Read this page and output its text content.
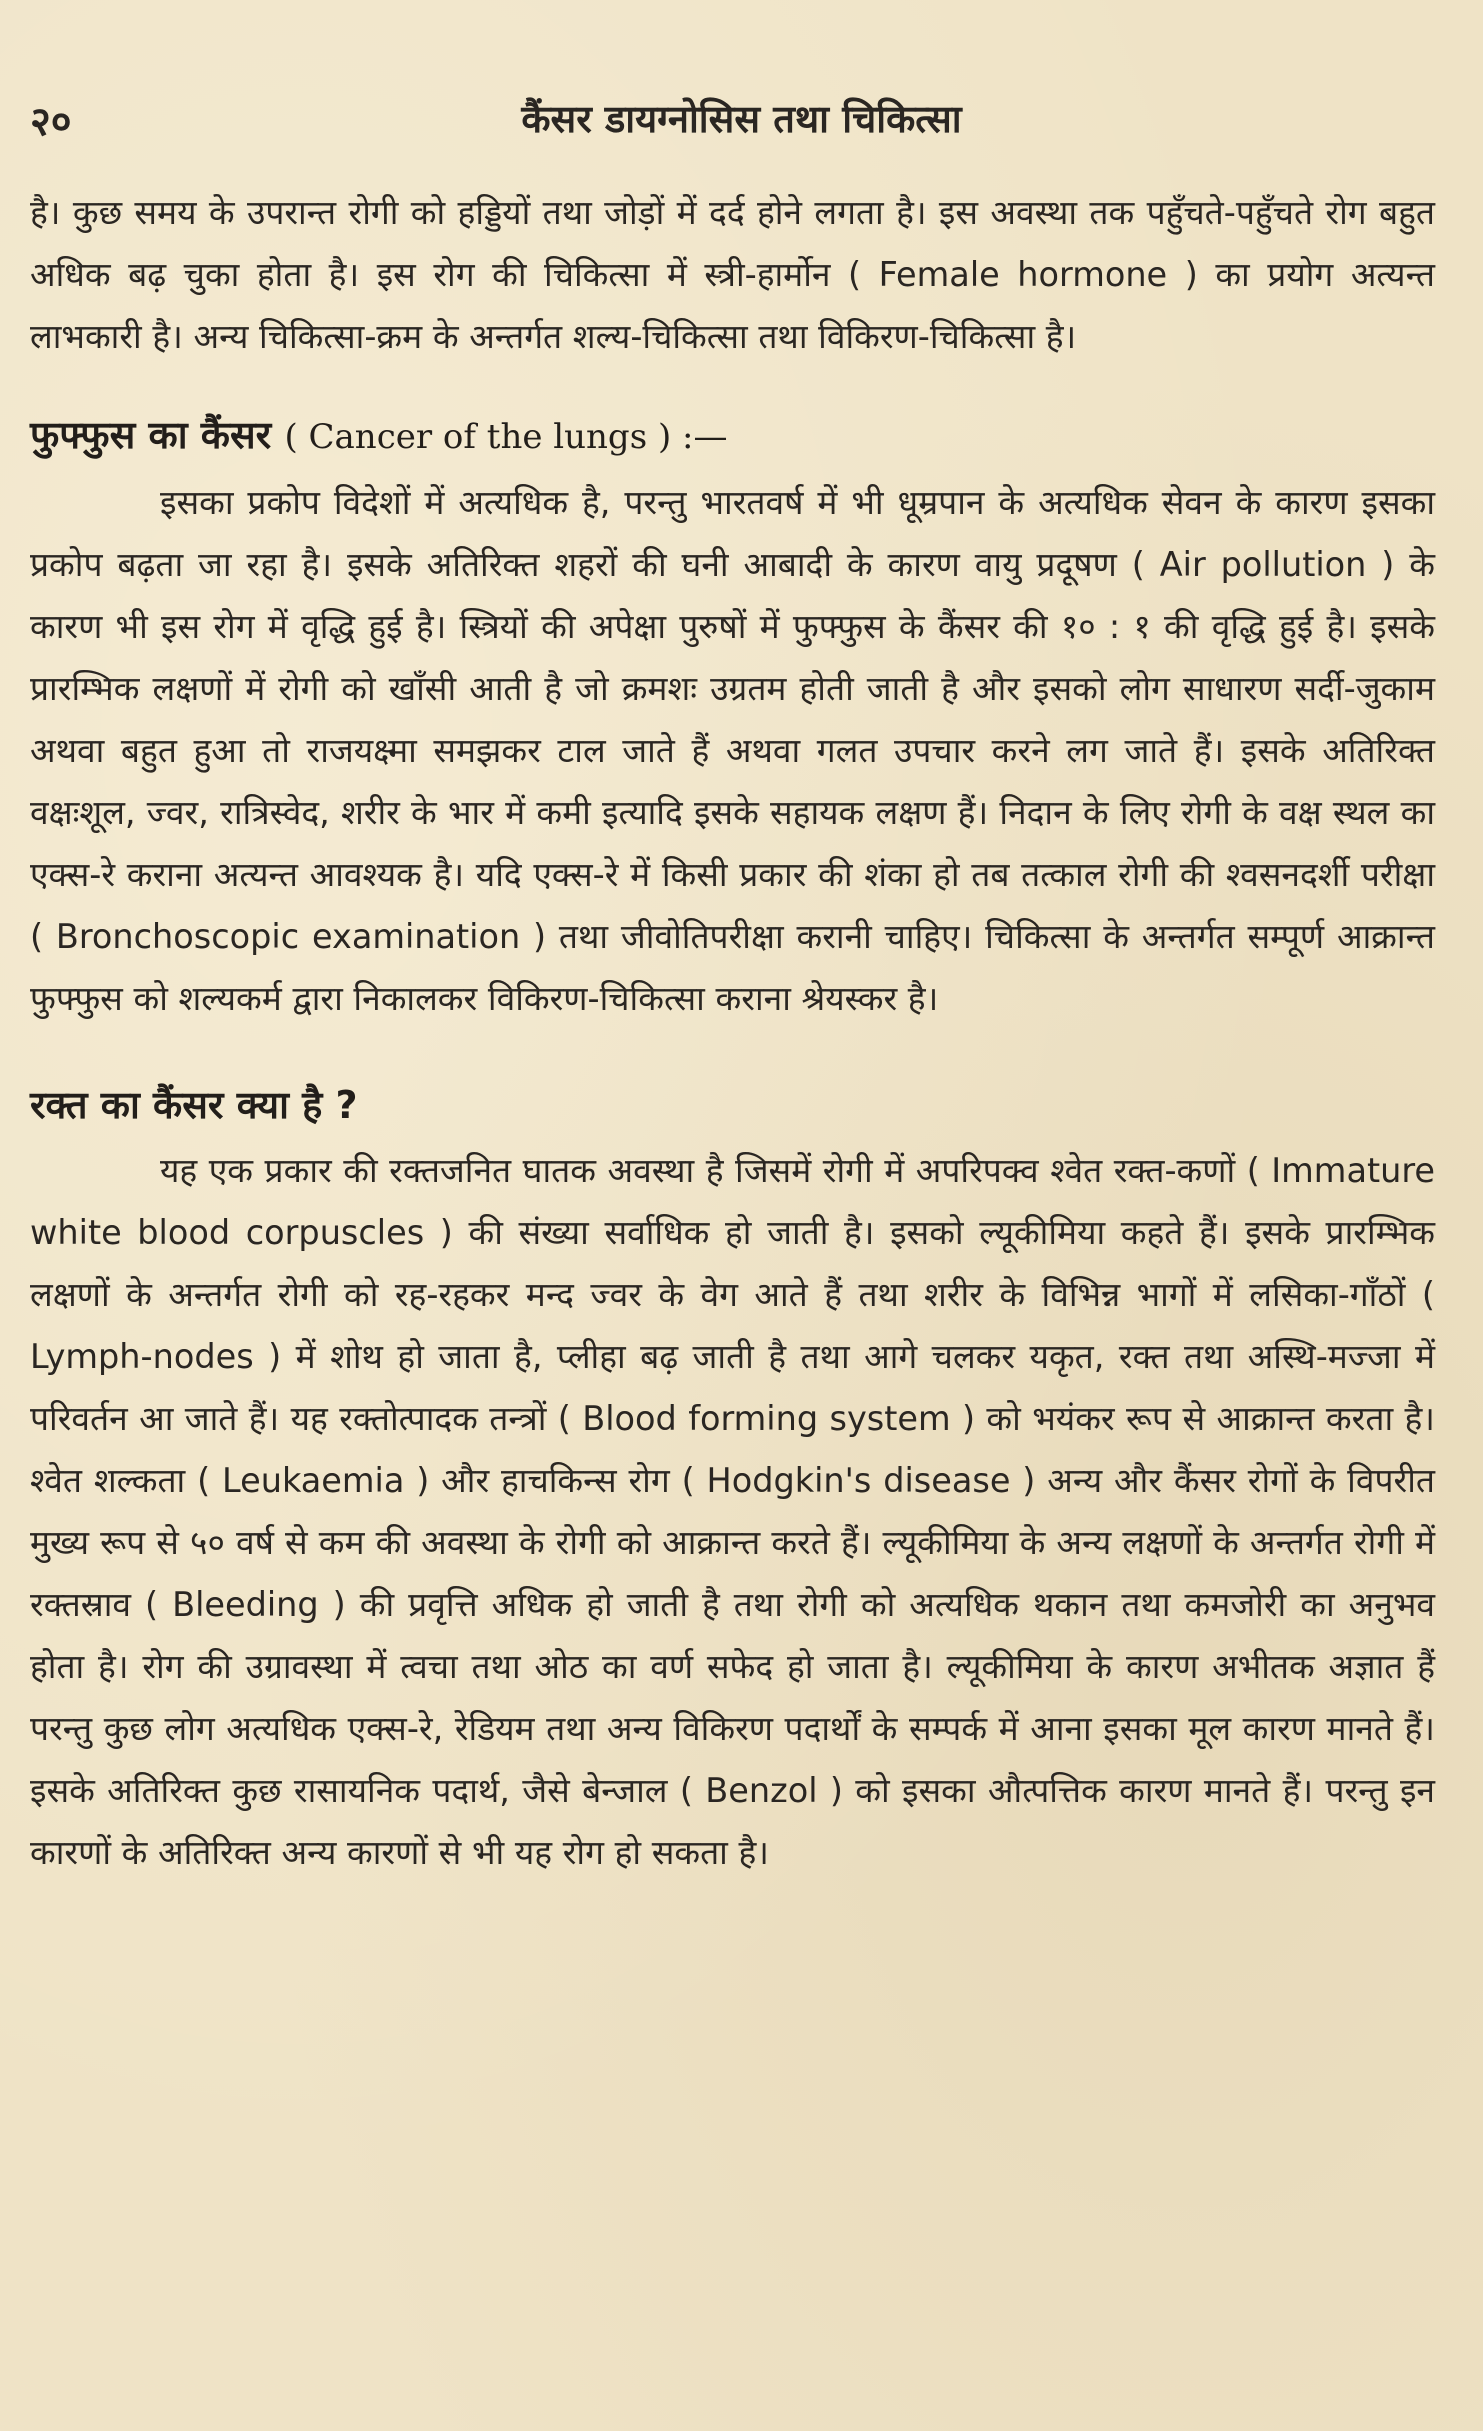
२०	कैंसर डायग्नोसिस तथा चिकित्सा

है। कुछ समय के उपरान्त रोगी को हड्डियों तथा जोड़ों में दर्द होने लगता है। इस अवस्था तक पहुँचते-पहुँचते रोग बहुत अधिक बढ़ चुका होता है। इस रोग की चिकित्सा में स्त्री-हार्मोन ( Female hormone ) का प्रयोग अत्यन्त लाभकारी है। अन्य चिकित्सा-क्रम के अन्तर्गत शल्य-चिकित्सा तथा विकिरण-चिकित्सा है।

फुफ्फुस का कैंसर ( Cancer of the lungs ) :—

इसका प्रकोप विदेशों में अत्यधिक है, परन्तु भारतवर्ष में भी धूम्रपान के अत्यधिक सेवन के कारण इसका प्रकोप बढ़ता जा रहा है। इसके अतिरिक्त शहरों की घनी आबादी के कारण वायु प्रदूषण ( Air pollution ) के कारण भी इस रोग में वृद्धि हुई है। स्त्रियों की अपेक्षा पुरुषों में फुफ्फुस के कैंसर की १० : १ की वृद्धि हुई है। इसके प्रारम्भिक लक्षणों में रोगी को खाँसी आती है जो क्रमशः उग्रतम होती जाती है और इसको लोग साधारण सर्दी-जुकाम अथवा बहुत हुआ तो राजयक्ष्मा समझकर टाल जाते हैं अथवा गलत उपचार करने लग जाते हैं। इसके अतिरिक्त वक्षःशूल, ज्वर, रात्रिस्वेद, शरीर के भार में कमी इत्यादि इसके सहायक लक्षण हैं। निदान के लिए रोगी के वक्ष स्थल का एक्स-रे कराना अत्यन्त आवश्यक है। यदि एक्स-रे में किसी प्रकार की शंका हो तब तत्काल रोगी की श्वसनदर्शी परीक्षा ( Bronchoscopic examination ) तथा जीवोतिपरीक्षा करानी चाहिए। चिकित्सा के अन्तर्गत सम्पूर्ण आक्रान्त फुफ्फुस को शल्यकर्म द्वारा निकालकर विकिरण-चिकित्सा कराना श्रेयस्कर है।

रक्त का कैंसर क्या है ?

यह एक प्रकार की रक्तजनित घातक अवस्था है जिसमें रोगी में अपरिपक्व श्वेत रक्त-कणों ( Immature white blood corpuscles ) की संख्या सर्वाधिक हो जाती है। इसको ल्यूकीमिया कहते हैं। इसके प्रारम्भिक लक्षणों के अन्तर्गत रोगी को रह-रहकर मन्द ज्वर के वेग आते हैं तथा शरीर के विभिन्न भागों में लसिका-गाँठों ( Lymph-nodes ) में शोथ हो जाता है, प्लीहा बढ़ जाती है तथा आगे चलकर यकृत, रक्त तथा अस्थि-मज्जा में परिवर्तन आ जाते हैं। यह रक्तोत्पादक तन्त्रों ( Blood forming system ) को भयंकर रूप से आक्रान्त करता है। श्वेत शल्कता ( Leukaemia ) और हाचकिन्स रोग ( Hodgkin's disease ) अन्य और कैंसर रोगों के विपरीत मुख्य रूप से ५० वर्ष से कम की अवस्था के रोगी को आक्रान्त करते हैं। ल्यूकीमिया के अन्य लक्षणों के अन्तर्गत रोगी में रक्तस्राव ( Bleeding ) की प्रवृत्ति अधिक हो जाती है तथा रोगी को अत्यधिक थकान तथा कमजोरी का अनुभव होता है। रोग की उग्रावस्था में त्वचा तथा ओठ का वर्ण सफेद हो जाता है। ल्यूकीमिया के कारण अभीतक अज्ञात हैं परन्तु कुछ लोग अत्यधिक एक्स-रे, रेडियम तथा अन्य विकिरण पदार्थों के सम्पर्क में आना इसका मूल कारण मानते हैं। इसके अतिरिक्त कुछ रासायनिक पदार्थ, जैसे बेन्जाल ( Benzol ) को इसका औत्पत्तिक कारण मानते हैं। परन्तु इन कारणों के अतिरिक्त अन्य कारणों से भी यह रोग हो सकता है।
